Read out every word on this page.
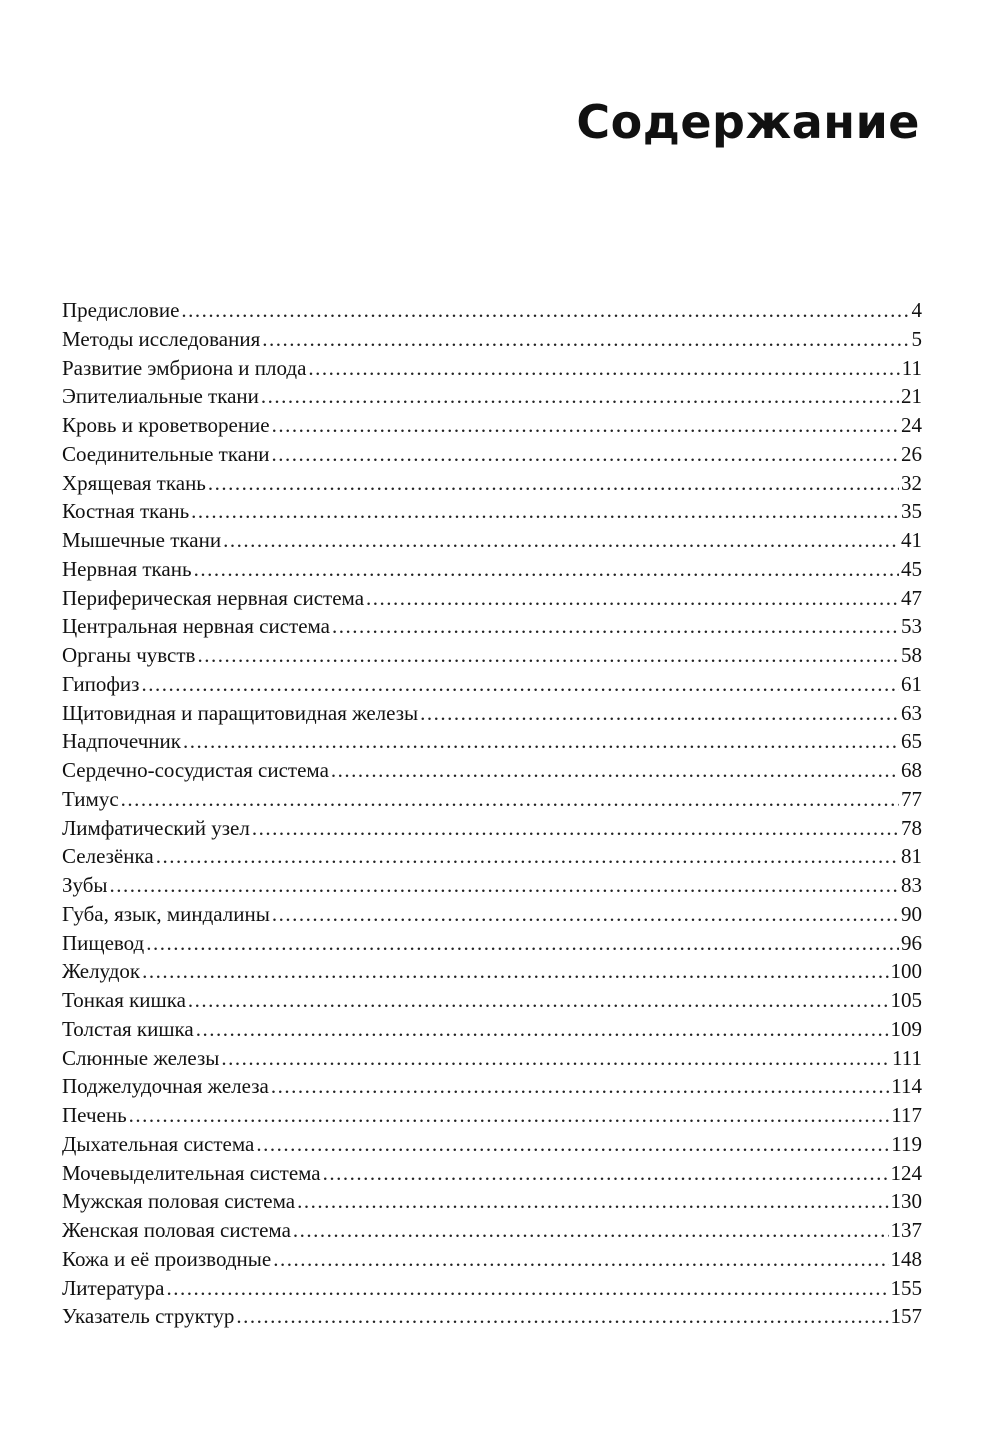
Содержание
Предисловие .....	4
Методы исследования .....	5
Развитие эмбриона и плода .....	11
Эпителиальные ткани .....	21
Кровь и кроветворение .....	24
Соединительные ткани .....	26
Хрящевая ткань .....	32
Костная ткань .....	35
Мышечные ткани .....	41
Нервная ткань .....	45
Периферическая нервная система .....	47
Центральная нервная система .....	53
Органы чувств .....	58
Гипофиз .....	61
Щитовидная и паращитовидная железы .....	63
Надпочечник .....	65
Сердечно-сосудистая система .....	68
Тимус .....	77
Лимфатический узел .....	78
Селезёнка .....	81
Зубы .....	83
Губа, язык, миндалины .....	90
Пищевод .....	96
Желудок .....	100
Тонкая кишка .....	105
Толстая кишка .....	109
Слюнные железы .....	111
Поджелудочная железа .....	114
Печень .....	117
Дыхательная система .....	119
Мочевыделительная система .....	124
Мужская половая система .....	130
Женская половая система .....	137
Кожа и её производные .....	148
Литература .....	155
Указатель структур .....	157
